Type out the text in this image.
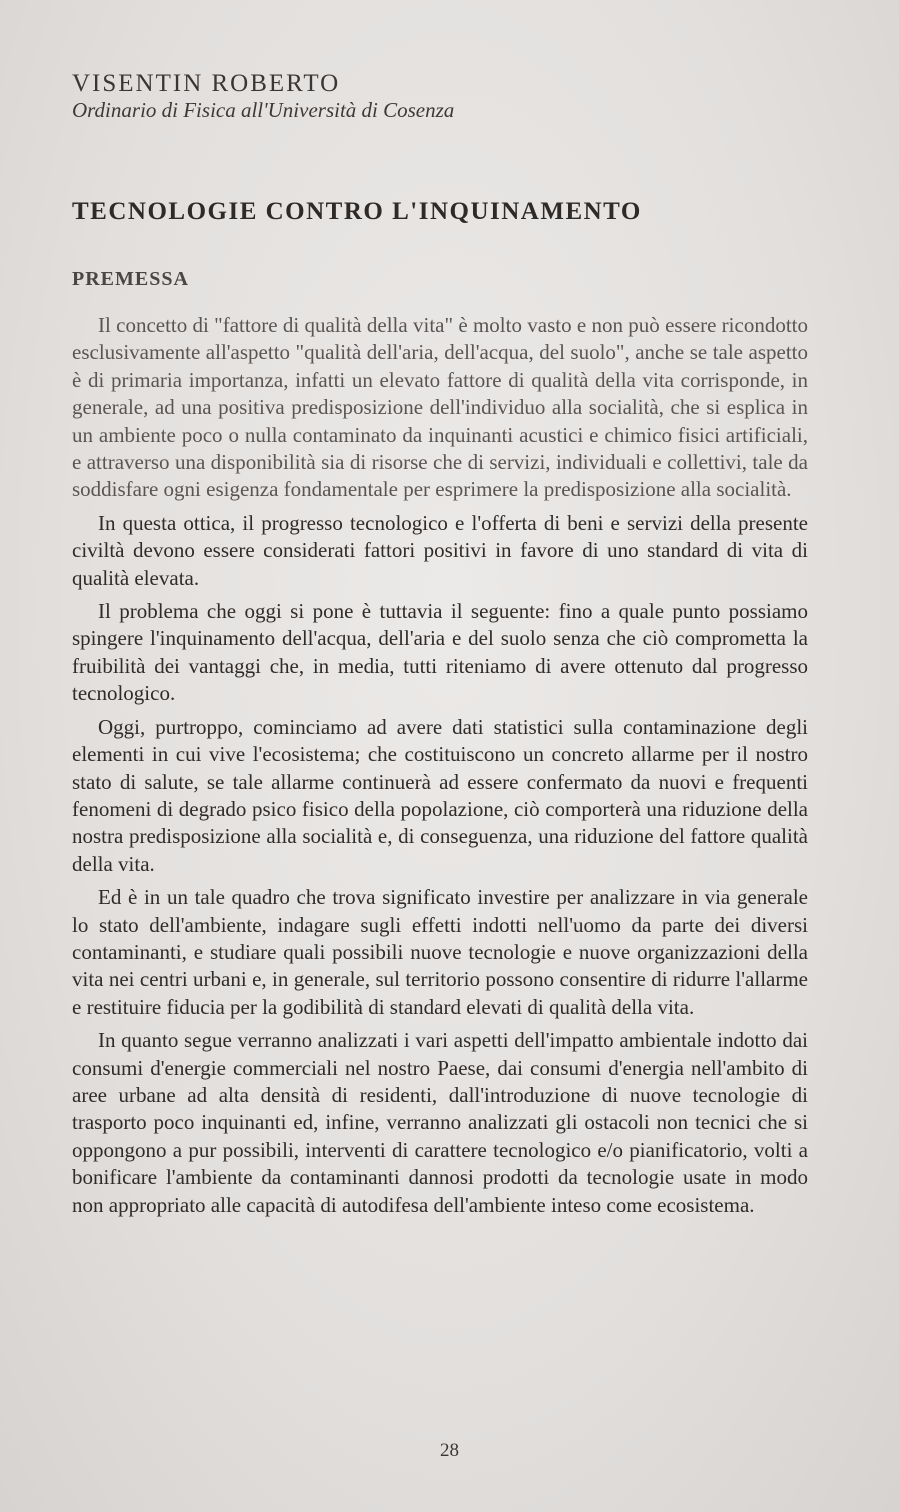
VISENTIN ROBERTO

Ordinario di Fisica all'Università di Cosenza

TECNOLOGIE CONTRO L'INQUINAMENTO
PREMESSA

Il concetto di "fattore di qualità della vita" è molto vasto e non può essere ricondotto esclusivamente all'aspetto "qualità dell'aria, dell'acqua, del suolo", anche se tale aspetto è di primaria importanza, infatti un elevato fattore di qualità della vita corrisponde, in generale, ad una positiva predisposizione dell'individuo alla socialità, che si esplica in un ambiente poco o nulla contaminato da inquinanti acustici e chimico fisici artificiali, e attraverso una disponibilità sia di risorse che di servizi, individuali e collettivi, tale da soddisfare ogni esigenza fondamentale per esprimere la predisposizione alla socialità.

In questa ottica, il progresso tecnologico e l'offerta di beni e servizi della presente civiltà devono essere considerati fattori positivi in favore di uno standard di vita di qualità elevata.

Il problema che oggi si pone è tuttavia il seguente: fino a quale punto possiamo spingere l'inquinamento dell'acqua, dell'aria e del suolo senza che ciò comprometta la fruibilità dei vantaggi che, in media, tutti riteniamo di avere ottenuto dal progresso tecnologico.

Oggi, purtroppo, cominciamo ad avere dati statistici sulla contaminazione degli elementi in cui vive l'ecosistema; che costituiscono un concreto allarme per il nostro stato di salute, se tale allarme continuerà ad essere confermato da nuovi e frequenti fenomeni di degrado psico fisico della popolazione, ciò comporterà una riduzione della nostra predisposizione alla socialità e, di conseguenza, una riduzione del fattore qualità della vita.

Ed è in un tale quadro che trova significato investire per analizzare in via generale lo stato dell'ambiente, indagare sugli effetti indotti nell'uomo da parte dei diversi contaminanti, e studiare quali possibili nuove tecnologie e nuove organizzazioni della vita nei centri urbani e, in generale, sul territorio possono consentire di ridurre l'allarme e restituire fiducia per la godibilità di standard elevati di qualità della vita.

In quanto segue verranno analizzati i vari aspetti dell'impatto ambientale indotto dai consumi d'energie commerciali nel nostro Paese, dai consumi d'energia nell'ambito di aree urbane ad alta densità di residenti, dall'introduzione di nuove tecnologie di trasporto poco inquinanti ed, infine, verranno analizzati gli ostacoli non tecnici che si oppongono a pur possibili, interventi di carattere tecnologico e/o pianificatorio, volti a bonificare l'ambiente da contaminanti dannosi prodotti da tecnologie usate in modo non appropriato alle capacità di autodifesa dell'ambiente inteso come ecosistema.

28
